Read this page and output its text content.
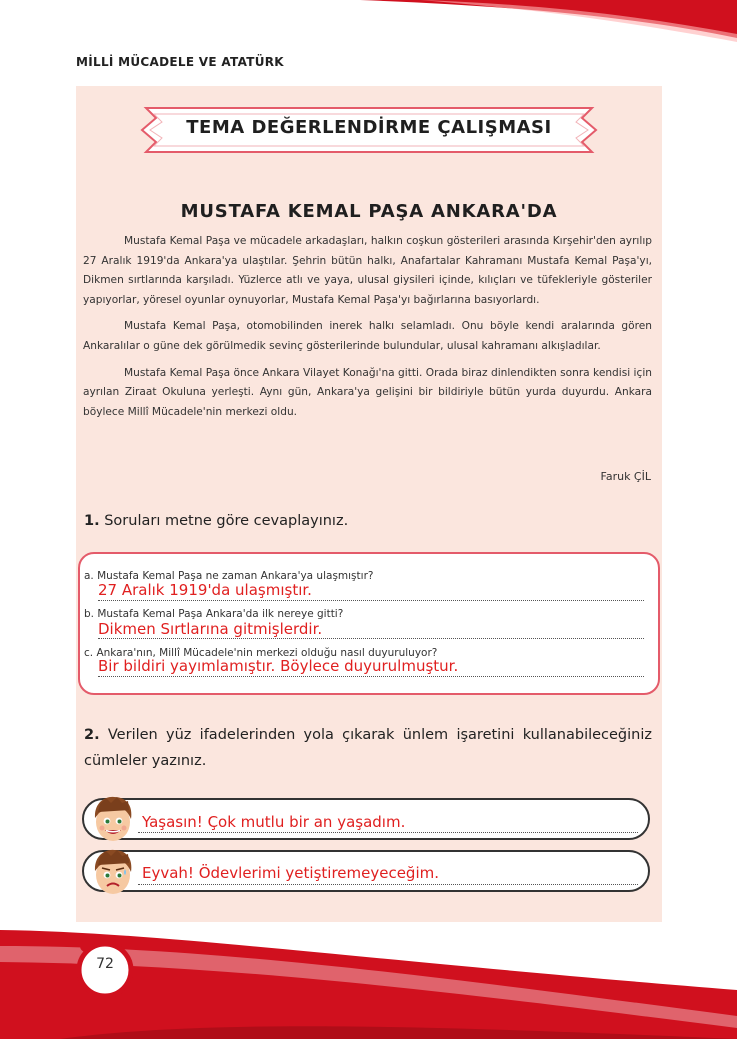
MİLLİ MÜCADELE VE ATATÜRK
TEMA DEĞERLENDİRME ÇALIŞMASI
MUSTAFA KEMAL PAŞA ANKARA'DA

Mustafa Kemal Paşa ve mücadele arkadaşları, halkın coşkun gösterileri arasında Kırşehir'den ayrılıp 27 Aralık 1919'da Ankara'ya ulaştılar. Şehrin bütün halkı, Anafartalar Kahramanı Mustafa Kemal Paşa'yı, Dikmen sırtlarında karşıladı. Yüzlerce atlı ve yaya, ulusal giysileri içinde, kılıçları ve tüfekleriyle gösteriler yapıyorlar, yöresel oyunlar oynuyorlar, Mustafa Kemal Paşa'yı bağırlarına basıyorlardı.

Mustafa Kemal Paşa, otomobilinden inerek halkı selamladı. Onu böyle kendi aralarında gören Ankaralılar o güne dek görülmedik sevinç gösterilerinde bulundular, ulusal kahramanı alkışladılar.

Mustafa Kemal Paşa önce Ankara Vilayet Konağı'na gitti. Orada biraz dinlendikten sonra kendisi için ayrılan Ziraat Okuluna yerleşti. Aynı gün, Ankara'ya gelişini bir bildiriyle bütün yurda duyurdu. Ankara böylece Millî Mücadele'nin merkezi oldu.

Faruk ÇİL
1. Soruları metne göre cevaplayınız.
a. Mustafa Kemal Paşa ne zaman Ankara'ya ulaşmıştır?
27 Aralık 1919'da ulaşmıştır.
b. Mustafa Kemal Paşa Ankara'da ilk nereye gitti?
Dikmen Sırtlarına gitmişlerdir.
c. Ankara'nın, Millî Mücadele'nin merkezi olduğu nasıl duyuruluyor?
Bir bildiri yayımlamıştır. Böylece duyurulmuştur.
2. Verilen yüz ifadelerinden yola çıkarak ünlem işaretini kullanabileceğiniz cümleler yazınız.
Yaşasın! Çok mutlu bir an yaşadım.
Eyvah! Ödevlerimi yetiştiremeyeceğim.
72
